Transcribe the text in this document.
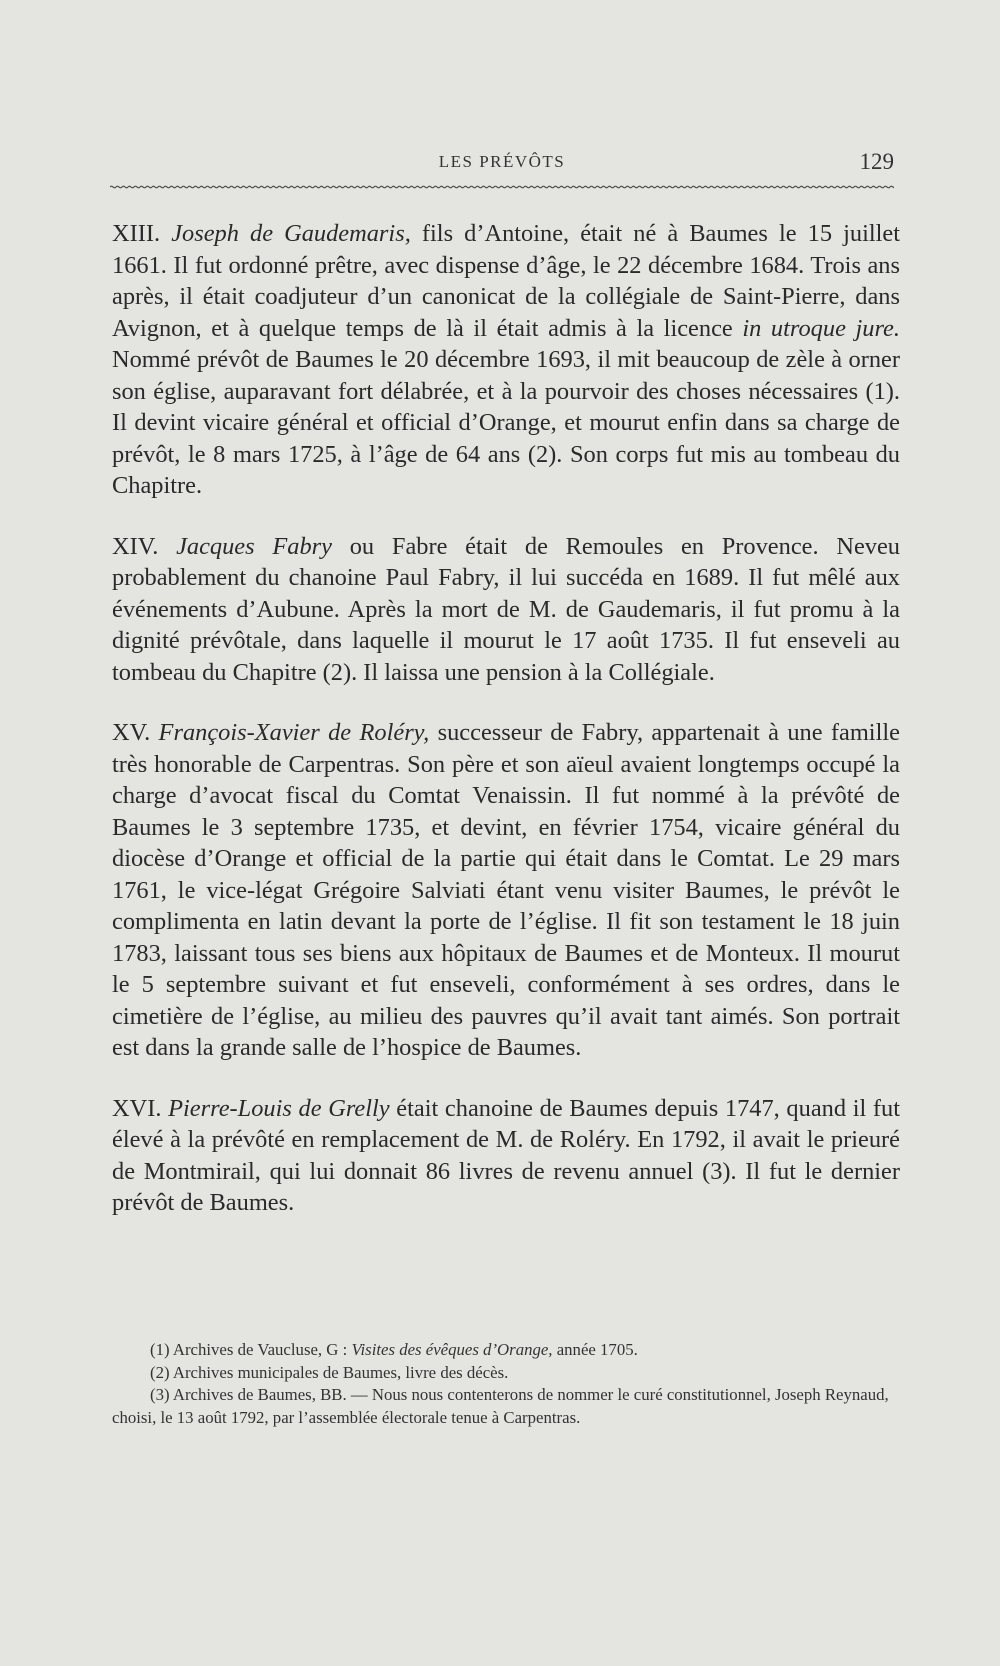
LES PRÉVÔTS	129

XIII. Joseph de Gaudemaris, fils d’Antoine, était né à Baumes le 15 juillet 1661. Il fut ordonné prêtre, avec dispense d’âge, le 22 décembre 1684. Trois ans après, il était coadjuteur d’un canonicat de la collégiale de Saint-Pierre, dans Avignon, et à quelque temps de là il était admis à la licence in utroque jure. Nommé prévôt de Baumes le 20 décembre 1693, il mit beaucoup de zèle à orner son église, auparavant fort délabrée, et à la pourvoir des choses nécessaires (1). Il devint vicaire général et official d’Orange, et mourut enfin dans sa charge de prévôt, le 8 mars 1725, à l’âge de 64 ans (2). Son corps fut mis au tombeau du Chapitre.

XIV. Jacques Fabry ou Fabre était de Remoules en Provence. Neveu probablement du chanoine Paul Fabry, il lui succéda en 1689. Il fut mêlé aux événements d’Aubune. Après la mort de M. de Gaudemaris, il fut promu à la dignité prévôtale, dans laquelle il mourut le 17 août 1735. Il fut enseveli au tombeau du Chapitre (2). Il laissa une pension à la Collégiale.

XV. François-Xavier de Roléry, successeur de Fabry, appartenait à une famille très honorable de Carpentras. Son père et son aïeul avaient longtemps occupé la charge d’avocat fiscal du Comtat Venaissin. Il fut nommé à la prévôté de Baumes le 3 septembre 1735, et devint, en février 1754, vicaire général du diocèse d’Orange et official de la partie qui était dans le Comtat. Le 29 mars 1761, le vice-légat Grégoire Salviati étant venu visiter Baumes, le prévôt le complimenta en latin devant la porte de l’église. Il fit son testament le 18 juin 1783, laissant tous ses biens aux hôpitaux de Baumes et de Monteux. Il mourut le 5 septembre suivant et fut enseveli, conformément à ses ordres, dans le cimetière de l’église, au milieu des pauvres qu’il avait tant aimés. Son portrait est dans la grande salle de l’hospice de Baumes.

XVI. Pierre-Louis de Grelly était chanoine de Baumes depuis 1747, quand il fut élevé à la prévôté en remplacement de M. de Roléry. En 1792, il avait le prieuré de Montmirail, qui lui donnait 86 livres de revenu annuel (3). Il fut le dernier prévôt de Baumes.

(1) Archives de Vaucluse, G : Visites des évêques d’Orange, année 1705.

(2) Archives municipales de Baumes, livre des décès.

(3) Archives de Baumes, BB. — Nous nous contenterons de nommer le curé constitutionnel, Joseph Reynaud, choisi, le 13 août 1792, par l’assemblée électorale tenue à Carpentras.
